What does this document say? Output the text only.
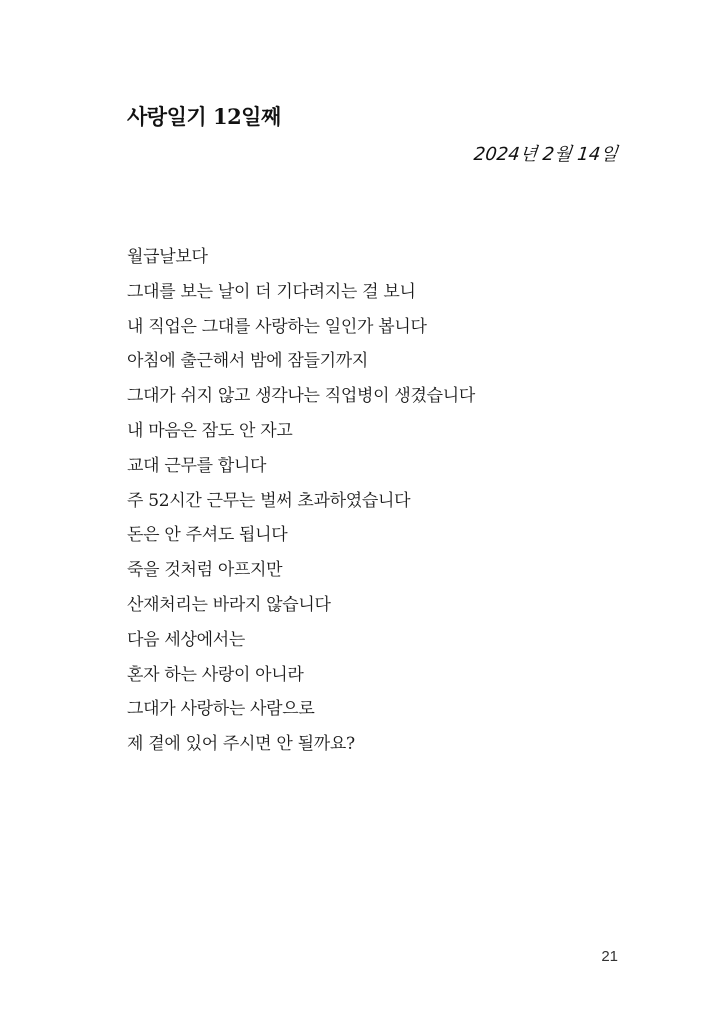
사랑일기 12일째
2024년 2월 14일
월급날보다
그대를 보는 날이 더 기다려지는 걸 보니
내 직업은 그대를 사랑하는 일인가 봅니다
아침에 출근해서 밤에 잠들기까지
그대가 쉬지 않고 생각나는 직업병이 생겼습니다
내 마음은 잠도 안 자고
교대 근무를 합니다
주 52시간 근무는 벌써 초과하였습니다
돈은 안 주셔도 됩니다
죽을 것처럼 아프지만
산재처리는 바라지 않습니다
다음 세상에서는
혼자 하는 사랑이 아니라
그대가 사랑하는 사람으로
제 곁에 있어 주시면 안 될까요?
21
